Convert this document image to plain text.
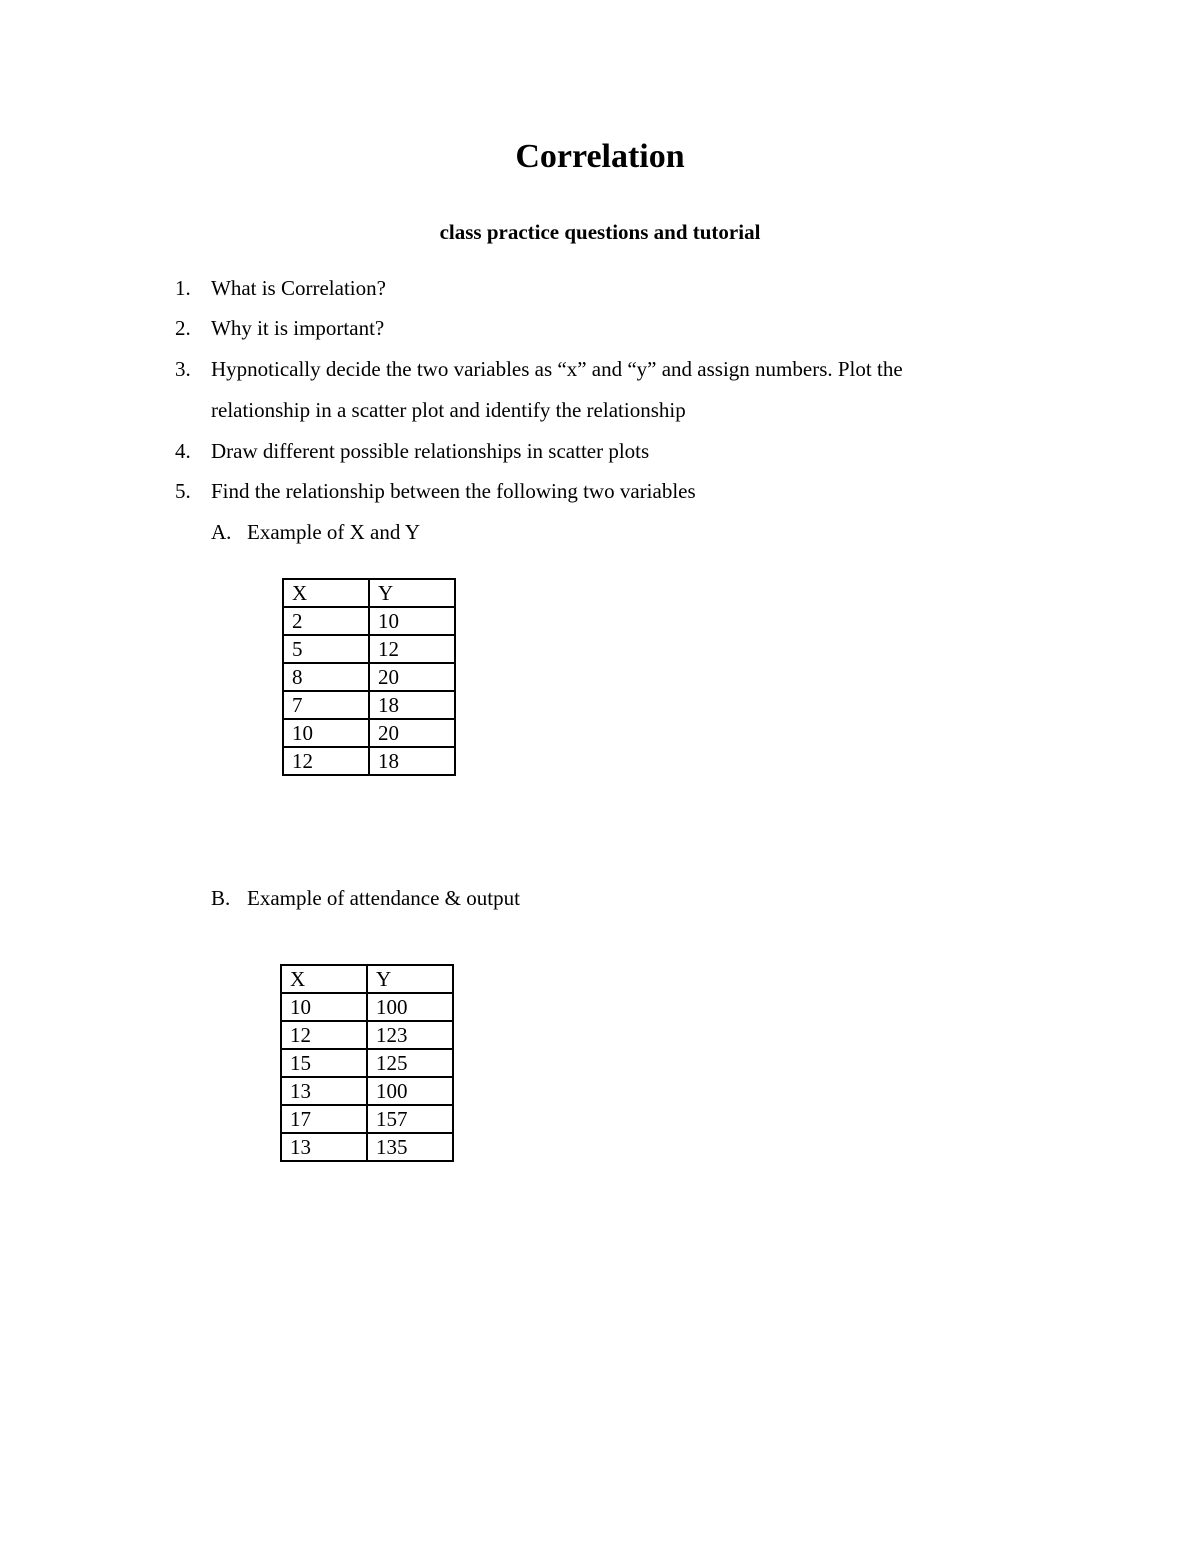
Correlation
class practice questions and tutorial
1. What is Correlation?
2. Why it is important?
3. Hypnotically decide the two variables as “x” and “y” and assign numbers. Plot the
relationship in a scatter plot and identify the relationship
4. Draw different possible relationships in scatter plots
5. Find the relationship between the following two variables
A. Example of X and Y
X	Y
2	10
5	12
8	20
7	18
10	20
12	18
B. Example of attendance & output
X	Y
10	100
12	123
15	125
13	100
17	157
13	135
